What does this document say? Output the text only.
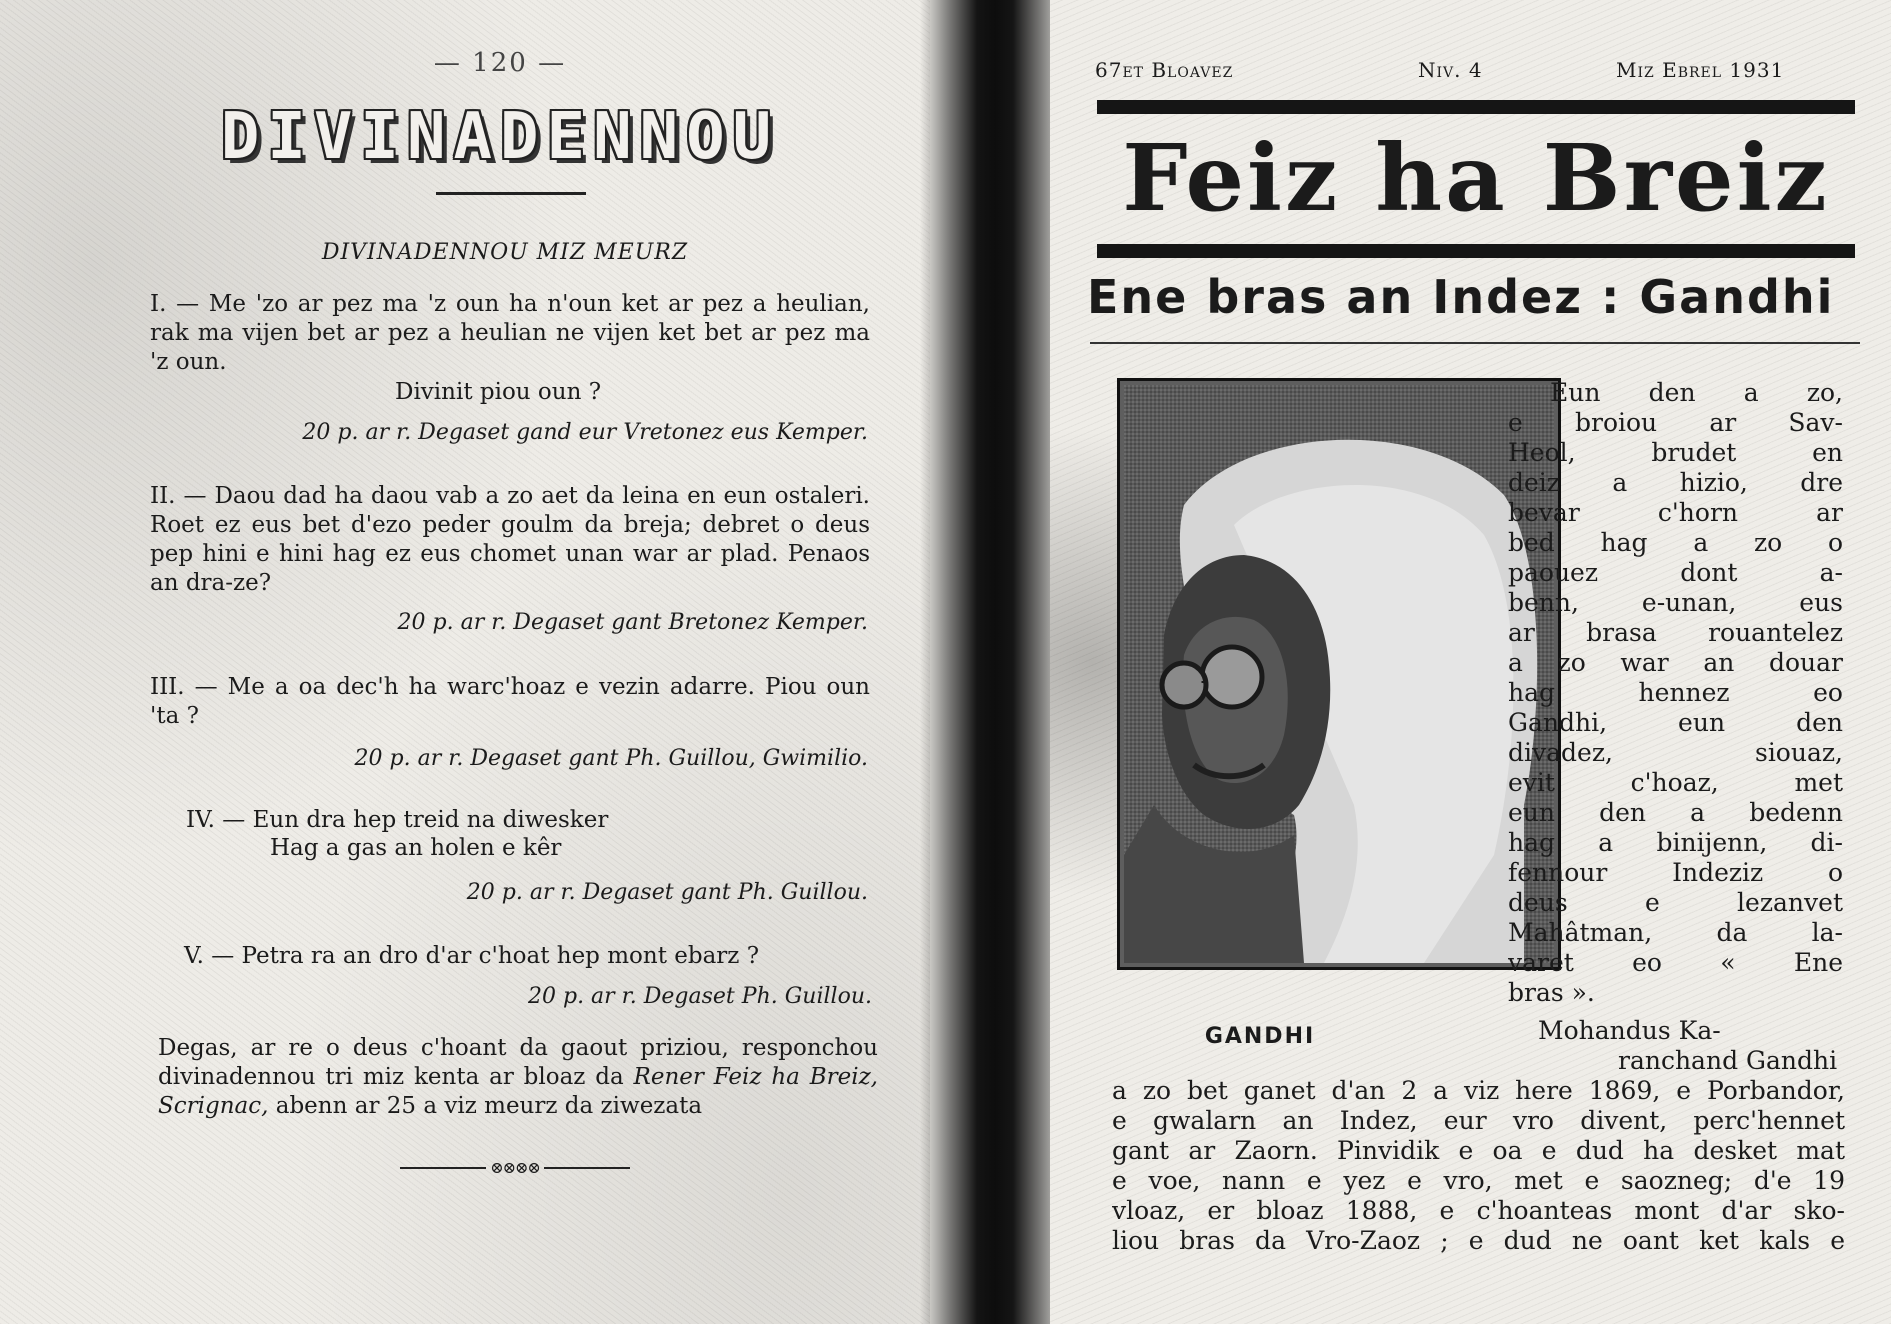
— 120 —
DIVINADENNOU
DIVINADENNOU MIZ MEURZ
I. — Me 'zo ar pez ma 'z oun ha n'oun ket ar pez a heulian, rak ma vijen bet ar pez a heulian ne vijen ket bet ar pez ma 'z oun.
Divinit piou oun ?
20 p. ar r. Degaset gand eur Vretonez eus Kemper.
II. — Daou dad ha daou vab a zo aet da leina en eun ostaleri. Roet ez eus bet d'ezo peder goulm da breja; debret o deus pep hini e hini hag ez eus chomet unan war ar plad. Penaos an dra-ze?
20 p. ar r. Degaset gant Bretonez Kemper.
III. — Me a oa dec'h ha warc'hoaz e vezin adarre. Piou oun 'ta ?
20 p. ar r. Degaset gant Ph. Guillou, Gwimilio.
IV. — Eun dra hep treid na diwesker
Hag a gas an holen e kêr
20 p. ar r. Degaset gant Ph. Guillou.
V. — Petra ra an dro d'ar c'hoat hep mont ebarz ?
20 p. ar r. Degaset Ph. Guillou.
Degas, ar re o deus c'hoant da gaout priziou, responchou divinadennou tri miz kenta ar bloaz da Rener Feiz ha Breiz, Scrignac, abenn ar 25 a viz meurz da ziwezata
⊗⊗⊗⊗
67et Bloavez	Niv. 4	Miz Ebrel 1931
Feiz ha Breiz
Ene bras an Indez : Gandhi
GANDHI
Eun den a zo,
e broiou ar Sav-
Heol, brudet en
deiz a hizio, dre
bevar c'horn ar
bed hag a zo o
paouez dont a-
benn, e-unan, eus
ar brasa rouantelez
a zo war an douar
hag hennez eo
Gandhi, eun den
divadez, siouaz,
evit c'hoaz, met
eun den a bedenn
hag a binijenn, di-
fennour Indeziz o
deus e lezanvet
Mahâtman, da la-
varet eo « Ene
bras ».
Mohandus Ka-
ranchand Gandhi
a zo bet ganet d'an 2 a viz here 1869, e Porbandor,
e gwalarn an Indez, eur vro divent, perc'hennet
gant ar Zaorn. Pinvidik e oa e dud ha desket mat
e voe, nann e yez e vro, met e saozneg; d'e 19
vloaz, er bloaz 1888, e c'hoanteas mont d'ar sko-
liou bras da Vro-Zaoz ; e dud ne oant ket kals e
